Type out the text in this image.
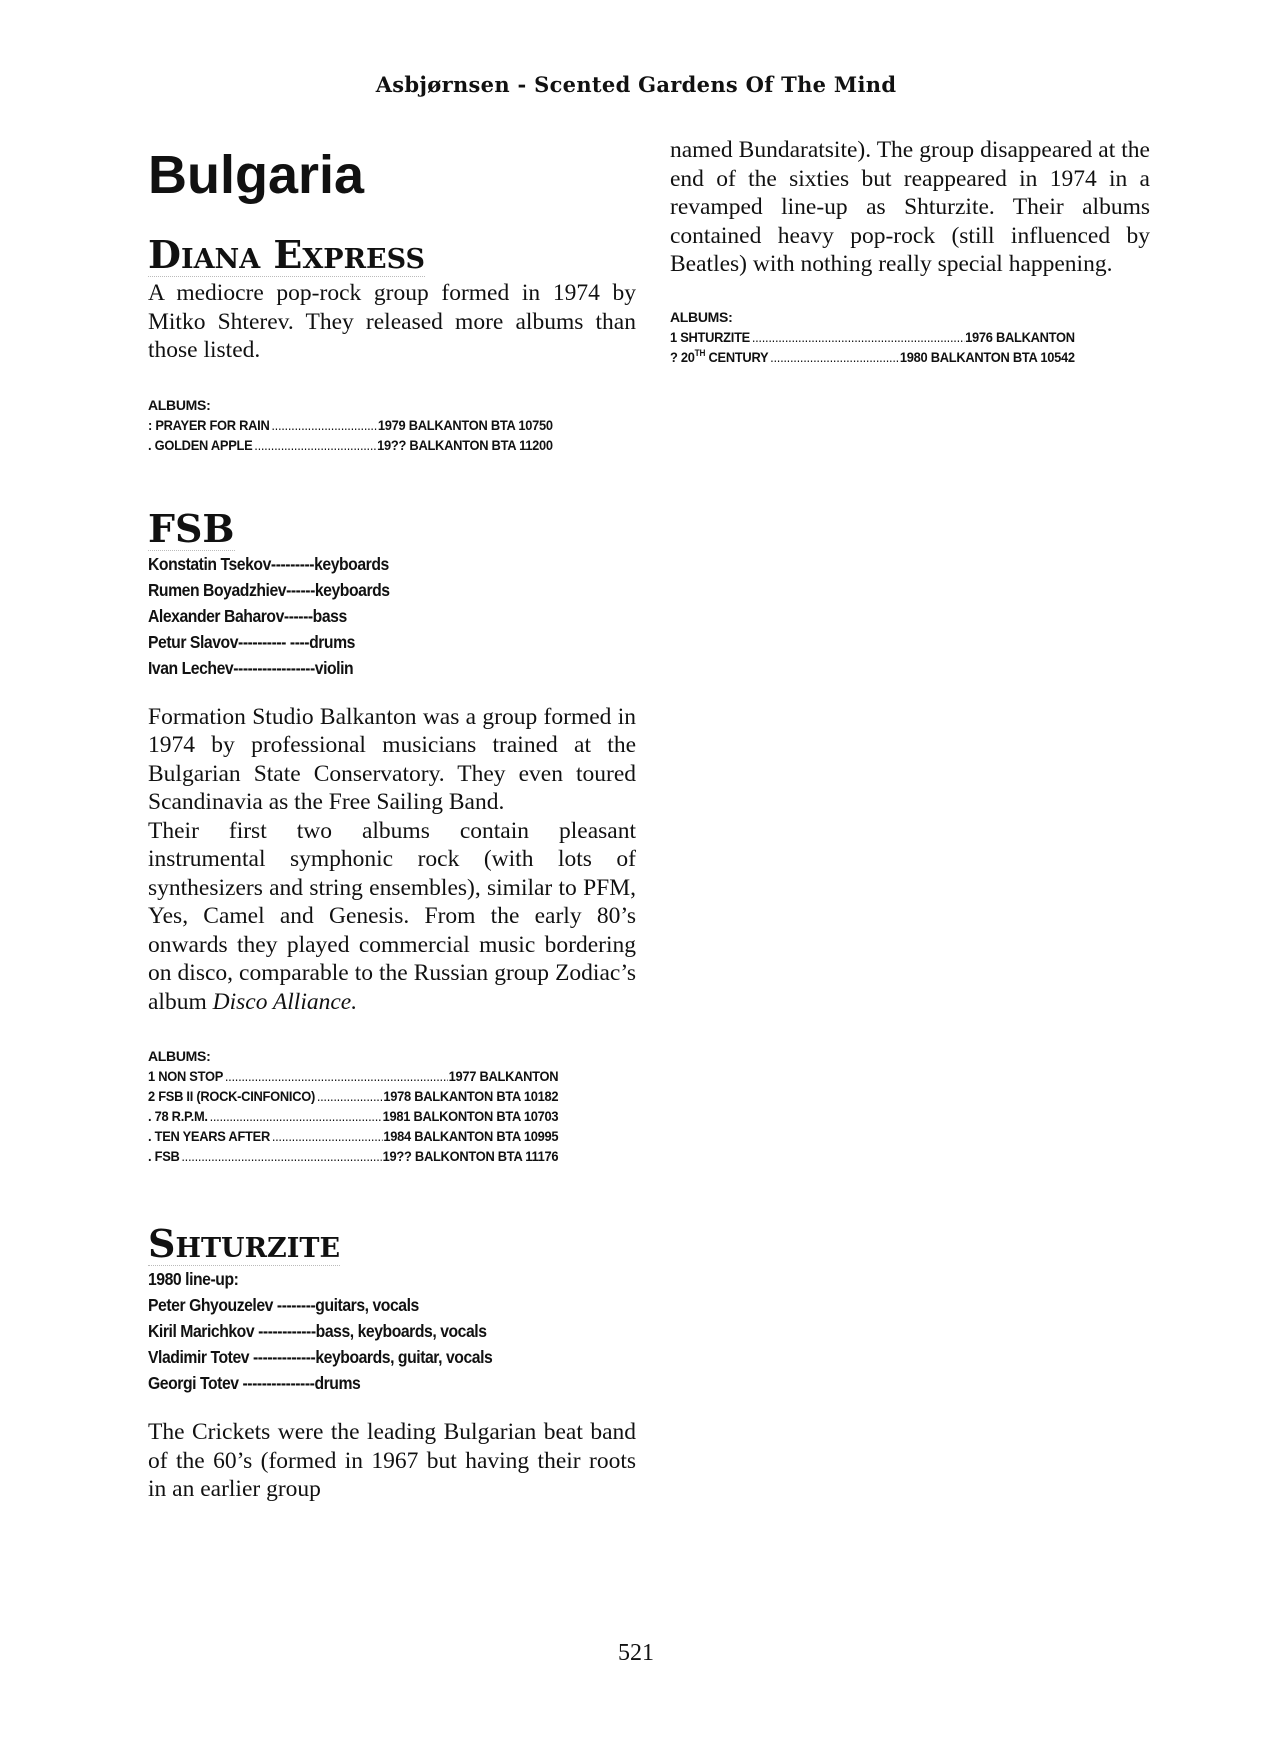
Asbjørnsen - Scented Gardens Of The Mind
Bulgaria
Diana Express

A mediocre pop-rock group formed in 1974 by Mitko Shterev. They released more albums than those listed.

ALBUMS:
: PRAYER FOR RAIN .....	1979 BALKANTON BTA 10750
. GOLDEN APPLE .....	19?? BALKANTON BTA 11200
FSB
Konstatin Tsekov---------keyboards
Rumen Boyadzhiev------keyboards
Alexander Baharov------bass
Petur Slavov---------- ----drums
Ivan Lechev-----------------violin

Formation Studio Balkanton was a group formed in 1974 by professional musicians trained at the Bulgarian State Conservatory. They even toured Scandinavia as the Free Sailing Band.

Their first two albums contain pleasant instrumental symphonic rock (with lots of synthesizers and string ensembles), similar to PFM, Yes, Camel and Genesis. From the early 80’s onwards they played commercial music bordering on disco, comparable to the Russian group Zodiac’s album Disco Alliance.

ALBUMS:
1 NON STOP .....	1977 BALKANTON
2 FSB II (ROCK-CINFONICO) .....	1978 BALKANTON BTA 10182
. 78 R.P.M. .....	1981 BALKONTON BTA 10703
. TEN YEARS AFTER .....	1984 BALKANTON BTA 10995
. FSB .....	19?? BALKONTON BTA 11176
Shturzite
1980 line-up:
Peter Ghyouzelev --------guitars, vocals
Kiril Marichkov ------------bass, keyboards, vocals
Vladimir Totev -------------keyboards, guitar, vocals
Georgi Totev ---------------drums

The Crickets were the leading Bulgarian beat band of the 60’s (formed in 1967 but having their roots in an earlier group

named Bundaratsite). The group disappeared at the end of the sixties but reappeared in 1974 in a revamped line-up as Shturzite. Their albums contained heavy pop-rock (still influenced by Beatles) with nothing really special happening.

ALBUMS:
1 SHTURZITE .....	1976 BALKANTON
? 20TH CENTURY .....	1980 BALKANTON BTA 10542
521
